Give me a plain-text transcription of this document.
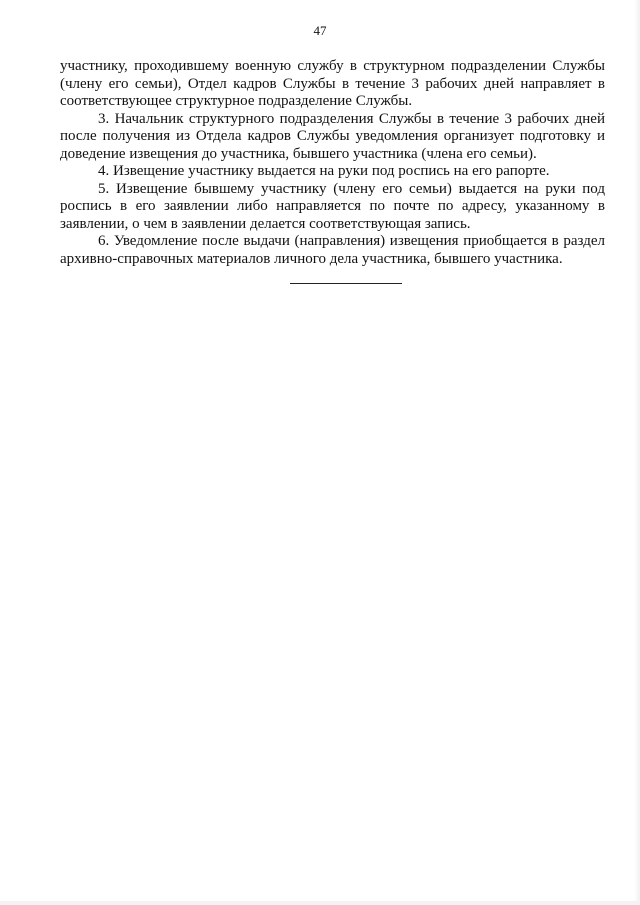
47

участнику, проходившему военную службу в структурном подразделении Службы (члену его семьи), Отдел кадров Службы в течение 3 рабочих дней направляет в соответствующее структурное подразделение Службы.

3. Начальник структурного подразделения Службы в течение 3 рабочих дней после получения из Отдела кадров Службы уведомления организует подготовку и доведение извещения до участника, бывшего участника (члена его семьи).

4. Извещение участнику выдается на руки под роспись на его рапорте.

5. Извещение бывшему участнику (члену его семьи) выдается на руки под роспись в его заявлении либо направляется по почте по адресу, указанному в заявлении, о чем в заявлении делается соответствующая запись.

6. Уведомление после выдачи (направления) извещения приобщается в раздел архивно-справочных материалов личного дела участника, бывшего участника.
